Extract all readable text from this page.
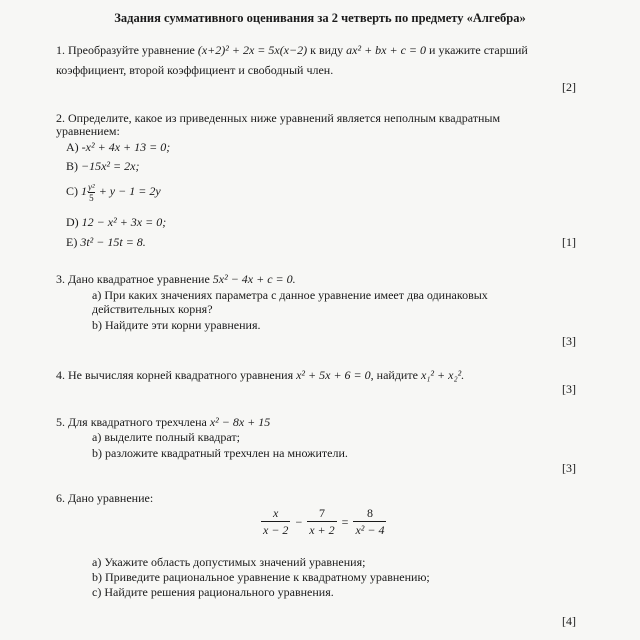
Задания суммативного оценивания за 2 четверть по предмету «Алгебра»
1. Преобразуйте уравнение (x+2)² + 2x = 5x(x−2) к виду ax² + bx + c = 0 и укажите старший
коэффициент, второй коэффициент и свободный член.
[2]
2. Определите, какое из приведенных ниже уравнений является неполным квадратным
уравнением:
A) -x² + 4x + 13 = 0;
B) −15x² = 2x;
C) $1 \frac{\text{y²}}{5} + y - 1 = 2y$
D) 12 − x² + 3x = 0;
E) 3t² − 15t = 8.	[1]
3. Дано квадратное уравнение 5x² − 4x + c = 0.
a) При каких значениях параметра c данное уравнение имеет два одинаковых
действительных корня?
b) Найдите эти корни уравнения.
[3]
4. Не вычисляя корней квадратного уравнения x² + 5x + 6 = 0, найдите x₁² + x₂².
[3]
5. Для квадратного трехчлена x² − 8x + 15
a) выделите полный квадрат;
b) разложите квадратный трехчлен на множители.
[3]
6. Дано уравнение:
$\frac{x}{x - 2} - \frac{7}{x + 2} = \frac{8}{\text{x² − 4}}$
a) Укажите область допустимых значений уравнения;
b) Приведите рациональное уравнение к квадратному уравнению;
c) Найдите решения рационального уравнения.
[4]
